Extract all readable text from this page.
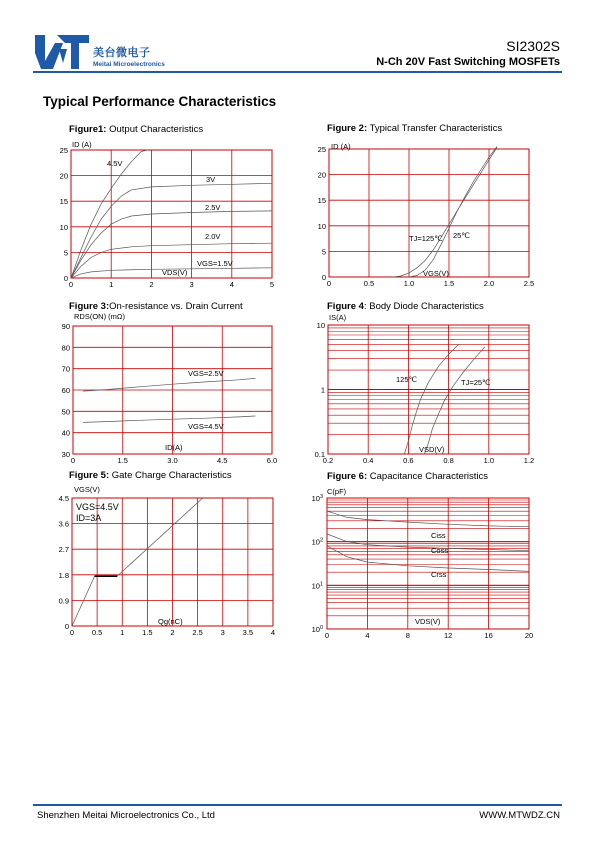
美台微电子
Meitai Microelectronics
SI2302S
N-Ch 20V Fast Switching MOSFETs
Typical Performance Characteristics
Figure1: Output Characteristics	Figure 2: Typical Transfer Characteristics
Figure 3:On-resistance vs. Drain Current	Figure 4: Body Diode Characteristics
Figure 5: Gate Charge Characteristics	Figure 6: Capacitance Characteristics
0	1	2	3	4	5
0
5
10
15
20
25
ID (A)
VDS(V)
4.5V
3V
2.5V
2.0V
VGS=1.5V
0	0.5	1.0	1.5	2.0	2.5
0
5
10
15
20
25 ID (A)
VGS(V)
TJ=125℃ 25℃
0	1.5	3.0	4.5	6.0
30
40
50
60
70
80
90
RDS(ON) (mΩ)
ID(A)
VGS=2.5V
VGS=4.5V
0.2	0.4	0.6	0.8	1.0	1.2
0.1
1
10
IS(A)
VSD(V)
125℃	TJ=25℃
0 0.5 1 1.5 2 2.5 3 3.5 4
0
0.9
1.8
2.7
3.6
4.5
VGS(V)
Qg(nC)
VGS=4.5V
ID=3A
0	4	8	12	16	20
$10^0$
$10^1$
$10^2$
$10^3$
C(pF)
VDS(V)
Ciss
Coss
Crss
Shenzhen Meitai Microelectronics Co., Ltd	WWW.MTWDZ.CN
